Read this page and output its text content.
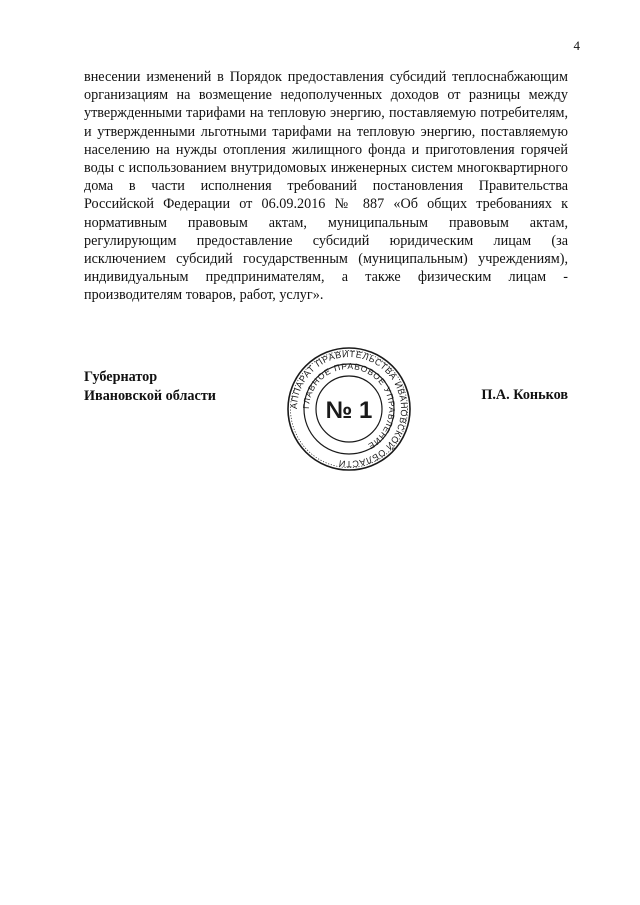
4

внесении изменений в Порядок предоставления субсидий теплоснабжающим организациям на возмещение недополученных доходов от разницы между утвержденными тарифами на тепловую энергию, поставляемую потребителям, и утвержденными льготными тарифами на тепловую энергию, поставляемую населению на нужды отопления жилищного фонда и приготовления горячей воды с использованием внутридомовых инженерных систем многоквартирного дома в части исполнения требований постановления Правительства Российской Федерации от 06.09.2016 № 887 «Об общих требованиях к нормативным правовым актам, муниципальным правовым актам, регулирующим предоставление субсидий юридическим лицам (за исключением субсидий государственным (муниципальным) учреждениям), индивидуальным предпринимателям, а также физическим лицам - производителям товаров, работ, услуг».

Губернатор
Ивановской области
АППАРАТ ПРАВИТЕЛЬСТВА ИВАНОВСКОЙ ОБЛАСТИ
ГЛАВНОЕ ПРАВОВОЕ УПРАВЛЕНИЕ
№ 1
П.А. Коньков
